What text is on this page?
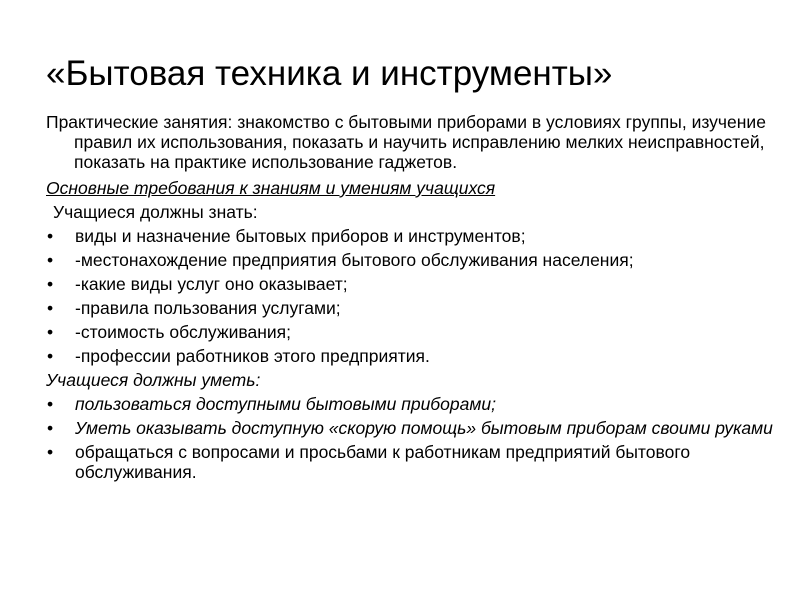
«Бытовая техника и инструменты»

Практические занятия: знакомство с бытовыми приборами в условиях группы, изучение правил их использования, показать и научить исправлению мелких неисправностей, показать на практике использование гаджетов.

Основные требования к знаниям и умениям учащихся

Учащиеся должны знать:

• виды и назначение бытовых приборов и инструментов;
• -местонахождение предприятия бытового обслуживания населения;
• -какие виды услуг оно оказывает;
• -правила пользования услугами;
• -стоимость обслуживания;
• -профессии работников этого предприятия.

Учащиеся должны уметь:

• пользоваться доступными бытовыми приборами;
• Уметь оказывать доступную «скорую помощь» бытовым приборам своими руками
• обращаться с вопросами и просьбами к работникам предприятий бытового обслуживания.
